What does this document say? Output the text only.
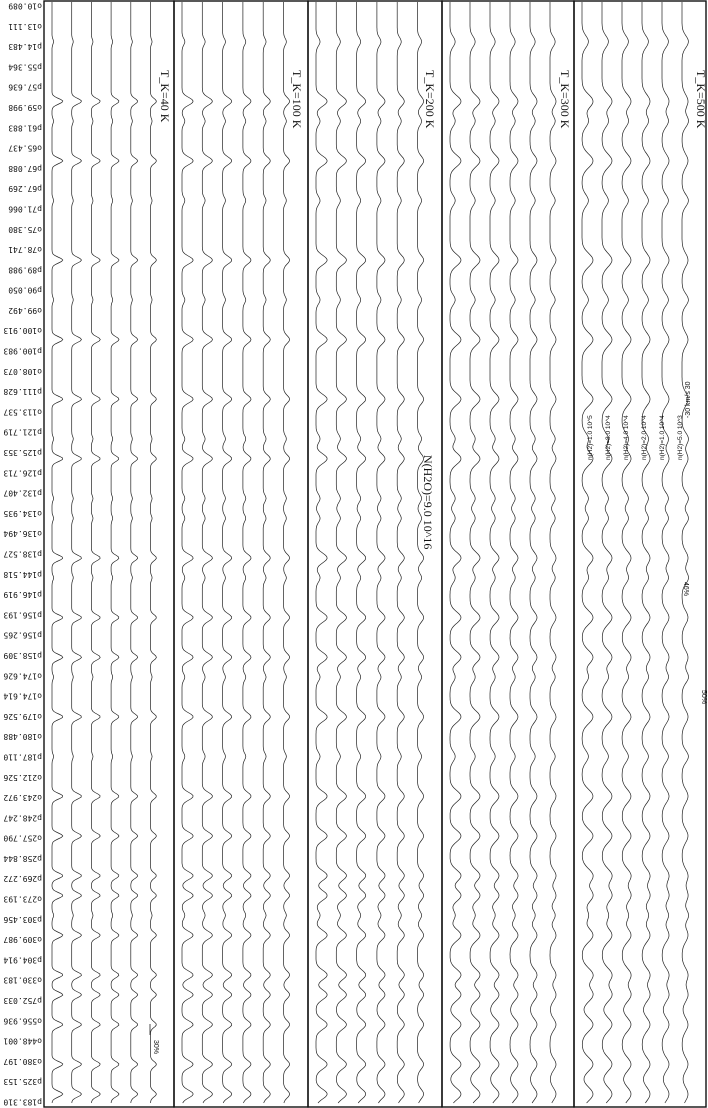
o10.089
o13.111
p14.483
p55.364
p57.636
o59.998
p61.883
o65.437
p67.088
p67.269
p71.066
o75.380
o78.741
p89.988
p90.050
o99.492
o100.913
p100.983
o108.073
p111.628
o113.537
p121.719
p125.353
p126.713
p132.407
o134.935
o136.494
p138.527
p144.518
p146.919
p156.193
p156.265
p158.309
o174.626
o174.614
o179.526
o180.488
p187.110
o212.526
o243.972
p248.247
o257.790
p258.844
p269.272
o273.193
p303.456
o309.987
p304.914
o330.183
p752.033
o556.936
o448.001
o380.197
p325.153
p183.310
T_K=40 K	T_K=100 K	T_K=200 K	T_K=300 K	T_K=500 K
N(H2O)=9.0 10^16
n(H2)=1.0 10^5 n(H2)=8.0 10^4 n(H2)=4.0 10^4 n(H2)=2.0 10^4 n(H2)=1.0 10^4 n(H2)=5.0 10^3
30%
46%
50%
-30 km/s 30
